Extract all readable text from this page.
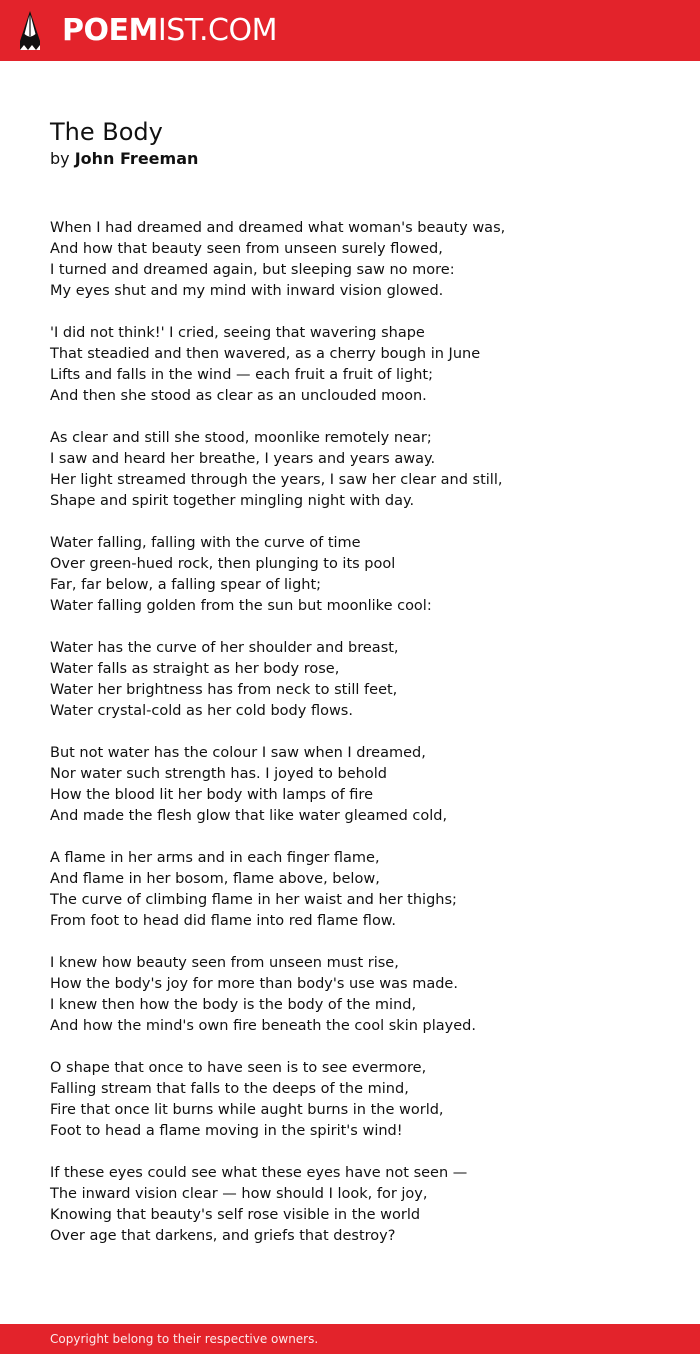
POEMIST.COM
The Body
by John Freeman
When I had dreamed and dreamed what woman's beauty was,
And how that beauty seen from unseen surely flowed,
I turned and dreamed again, but sleeping saw no more:
My eyes shut and my mind with inward vision glowed.
'I did not think!' I cried, seeing that wavering shape
That steadied and then wavered, as a cherry bough in June
Lifts and falls in the wind — each fruit a fruit of light;
And then she stood as clear as an unclouded moon.
As clear and still she stood, moonlike remotely near;
I saw and heard her breathe, I years and years away.
Her light streamed through the years, I saw her clear and still,
Shape and spirit together mingling night with day.
Water falling, falling with the curve of time
Over green-hued rock, then plunging to its pool
Far, far below, a falling spear of light;
Water falling golden from the sun but moonlike cool:
Water has the curve of her shoulder and breast,
Water falls as straight as her body rose,
Water her brightness has from neck to still feet,
Water crystal-cold as her cold body flows.
But not water has the colour I saw when I dreamed,
Nor water such strength has. I joyed to behold
How the blood lit her body with lamps of fire
And made the flesh glow that like water gleamed cold,
A flame in her arms and in each finger flame,
And flame in her bosom, flame above, below,
The curve of climbing flame in her waist and her thighs;
From foot to head did flame into red flame flow.
I knew how beauty seen from unseen must rise,
How the body's joy for more than body's use was made.
I knew then how the body is the body of the mind,
And how the mind's own fire beneath the cool skin played.
O shape that once to have seen is to see evermore,
Falling stream that falls to the deeps of the mind,
Fire that once lit burns while aught burns in the world,
Foot to head a flame moving in the spirit's wind!
If these eyes could see what these eyes have not seen —
The inward vision clear — how should I look, for joy,
Knowing that beauty's self rose visible in the world
Over age that darkens, and griefs that destroy?
Copyright belong to their respective owners.
